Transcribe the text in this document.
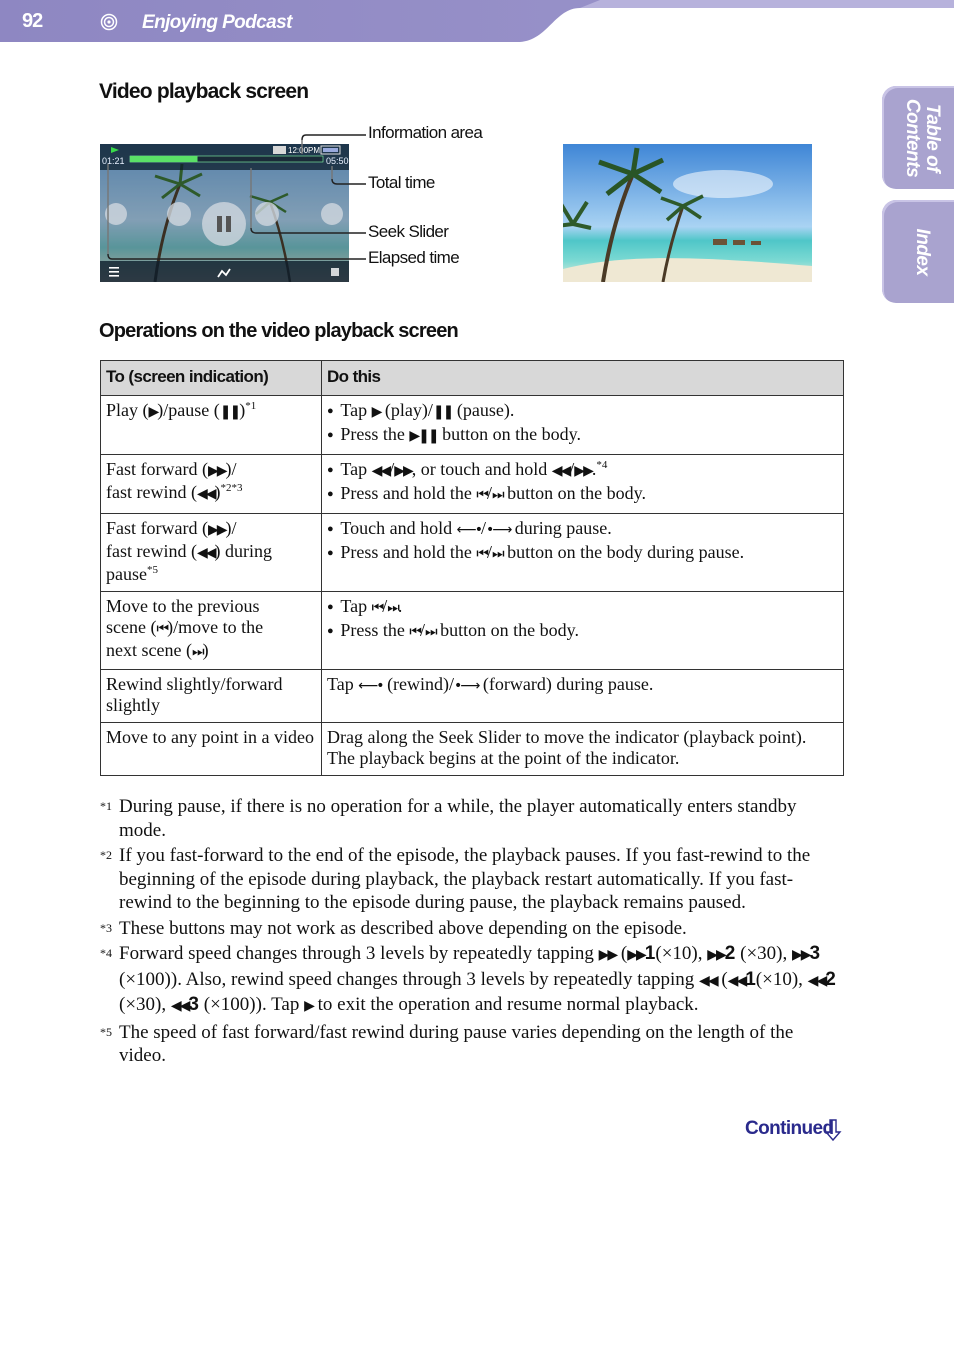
92	Enjoying Podcast
Table of
Contents
Index
Video playback screen
01:21	05:50
12:00PM
Information area
Total time
Seek Slider
Elapsed time
Operations on the video playback screen
To (screen indication)	Do this
Play (▶)/pause (❚❚)$^{*1}$	● Tap ▶ (play)/❚❚ (pause).
● Press the ▶❚❚ button on the body.

Fast forward (▶▶)/
fast rewind (◀◀)$^{*2*3}$	● Tap ◀◀/▶▶, or touch and hold ◀◀/▶▶.$^{*4}$
● Press and hold the ⏮/⏭ button on the body.

Fast forward (▶▶)/
fast rewind (◀◀) during
pause$^{*5}$	● Touch and hold ⟵•/•⟶ during pause.
● Press and hold the ⏮/⏭ button on the body during pause.

Move to the previous
scene (⏮)/move to the
next scene (⏭)	● Tap ⏮/⏭.
● Press the ⏮/⏭ button on the body.

Rewind slightly/forward slightly	Tap ⟵• (rewind)/•⟶ (forward) during pause.
Move to any point in a video	Drag along the Seek Slider to move the indicator (playback point). The playback begins at the point of the indicator.
*1 During pause, if there is no operation for a while, the player automatically enters standby mode.
*2 If you fast-forward to the end of the episode, the playback pauses. If you fast-rewind to the beginning of the episode during playback, the playback restart automatically. If you fast-rewind to the beginning to the episode during pause, the playback remains paused.
*3 These buttons may not work as described above depending on the episode.
*4 Forward speed changes through 3 levels by repeatedly tapping ▶▶ (▶▶1(×10), ▶▶2 (×30), ▶▶3 (×100)). Also, rewind speed changes through 3 levels by repeatedly tapping ◀◀ (◀◀1(×10), ◀◀2 (×30), ◀◀3 (×100)). Tap ▶ to exit the operation and resume normal playback.
*5 The speed of fast forward/fast rewind during pause varies depending on the length of the video.
Continued
